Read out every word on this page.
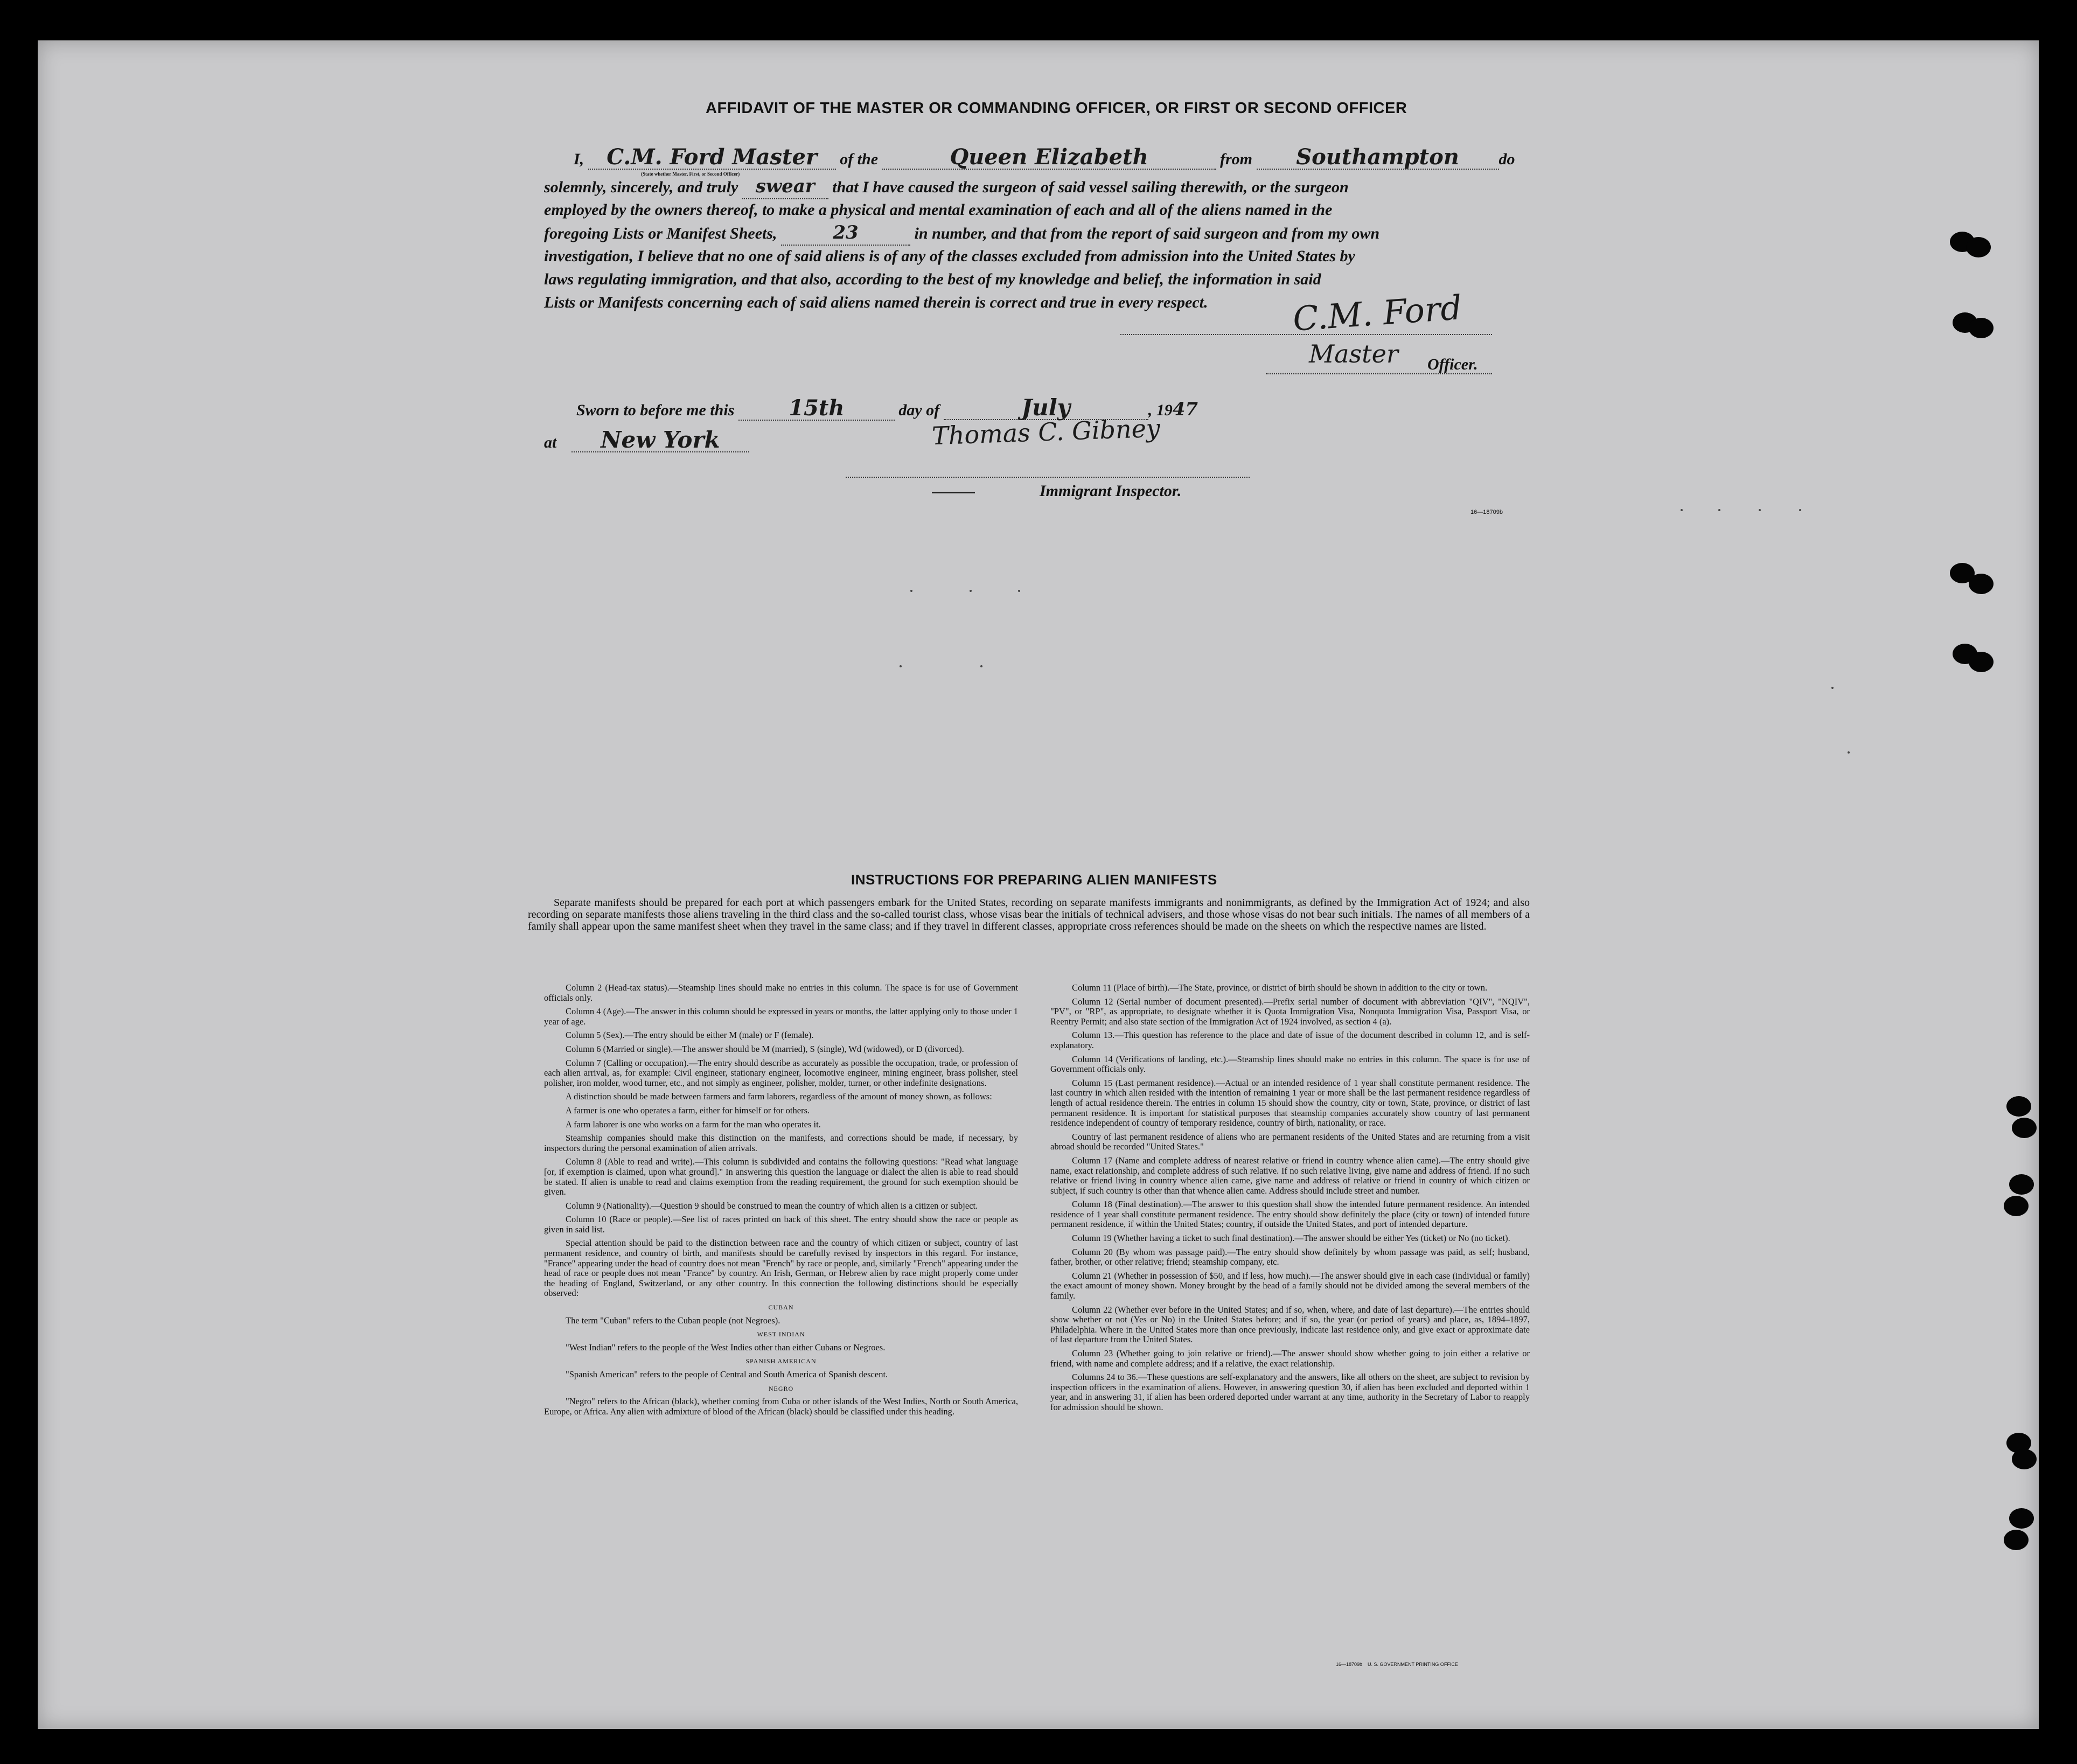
AFFIDAVIT OF THE MASTER OR COMMANDING OFFICER, OR FIRST OR SECOND OFFICER
I, C.M. Ford Master of the	Queen Elizabeth	from Southampton do
(State whether Master, First, or Second Officer)
solemnly, sincerely, and truly swear that I have caused the surgeon of said vessel sailing therewith, or the surgeon
employed by the owners thereof, to make a physical and mental examination of each and all of the aliens named in the
foregoing Lists or Manifest Sheets,	23	in number, and that from the report of said surgeon and from my own
investigation, I believe that no one of said aliens is of any of the classes excluded from admission into the United States by
laws regulating immigration, and that also, according to the best of my knowledge and belief, the information in said
Lists or Manifests concerning each of said aliens named therein is correct and true in every respect.	C.M. Ford
Master Officer.
Sworn to before me this	15th	day of	July	, 1947
at New York	Thomas C. Gibney
Immigrant Inspector.
16—18709b
INSTRUCTIONS FOR PREPARING ALIEN MANIFESTS
Separate manifests should be prepared for each port at which passengers embark for the United States, recording on separate manifests immigrants and nonimmigrants, as defined by the Immigration Act of 1924; and also recording on separate manifests those aliens traveling in the third class and the so-called tourist class, whose visas bear the initials of technical advisers, and those whose visas do not bear such initials. The names of all members of a family shall appear upon the same manifest sheet when they travel in the same class; and if they travel in different classes, appropriate cross references should be made on the sheets on which the respective names are listed.

Column 2 (Head-tax status).—Steamship lines should make no entries in this column. The space is for use of Government officials only.

Column 4 (Age).—The answer in this column should be expressed in years or months, the latter applying only to those under 1 year of age.

Column 5 (Sex).—The entry should be either M (male) or F (female).

Column 6 (Married or single).—The answer should be M (married), S (single), Wd (widowed), or D (divorced).

Column 7 (Calling or occupation).—The entry should describe as accurately as possible the occupation, trade, or profession of each alien arrival, as, for example: Civil engineer, stationary engineer, locomotive engineer, mining engineer, brass polisher, steel polisher, iron molder, wood turner, etc., and not simply as engineer, polisher, molder, turner, or other indefinite designations.

A distinction should be made between farmers and farm laborers, regardless of the amount of money shown, as follows:

A farmer is one who operates a farm, either for himself or for others.

A farm laborer is one who works on a farm for the man who operates it.

Steamship companies should make this distinction on the manifests, and corrections should be made, if necessary, by inspectors during the personal examination of alien arrivals.

Column 8 (Able to read and write).—This column is subdivided and contains the following questions: "Read what language [or, if exemption is claimed, upon what ground]." In answering this question the language or dialect the alien is able to read should be stated. If alien is unable to read and claims exemption from the reading requirement, the ground for such exemption should be given.

Column 9 (Nationality).—Question 9 should be construed to mean the country of which alien is a citizen or subject.

Column 10 (Race or people).—See list of races printed on back of this sheet. The entry should show the race or people as given in said list.

Special attention should be paid to the distinction between race and the country of which citizen or subject, country of last permanent residence, and country of birth, and manifests should be carefully revised by inspectors in this regard. For instance, "France" appearing under the head of country does not mean "French" by race or people, and, similarly "French" appearing under the head of race or people does not mean "France" by country. An Irish, German, or Hebrew alien by race might properly come under the heading of England, Switzerland, or any other country. In this connection the following distinctions should be especially observed:

CUBAN

The term "Cuban" refers to the Cuban people (not Negroes).

WEST INDIAN

"West Indian" refers to the people of the West Indies other than either Cubans or Negroes.

SPANISH AMERICAN

"Spanish American" refers to the people of Central and South America of Spanish descent.

NEGRO

"Negro" refers to the African (black), whether coming from Cuba or other islands of the West Indies, North or South America, Europe, or Africa. Any alien with admixture of blood of the African (black) should be classified under this heading.

Column 11 (Place of birth).—The State, province, or district of birth should be shown in addition to the city or town.

Column 12 (Serial number of document presented).—Prefix serial number of document with abbreviation "QIV", "NQIV", "PV", or "RP", as appropriate, to designate whether it is Quota Immigration Visa, Nonquota Immigration Visa, Passport Visa, or Reentry Permit; and also state section of the Immigration Act of 1924 involved, as section 4 (a).

Column 13.—This question has reference to the place and date of issue of the document described in column 12, and is self-explanatory.

Column 14 (Verifications of landing, etc.).—Steamship lines should make no entries in this column. The space is for use of Government officials only.

Column 15 (Last permanent residence).—Actual or an intended residence of 1 year shall constitute permanent residence. The last country in which alien resided with the intention of remaining 1 year or more shall be the last permanent residence regardless of length of actual residence therein. The entries in column 15 should show the country, city or town, State, province, or district of last permanent residence. It is important for statistical purposes that steamship companies accurately show country of last permanent residence independent of country of temporary residence, country of birth, nationality, or race.

Country of last permanent residence of aliens who are permanent residents of the United States and are returning from a visit abroad should be recorded "United States."

Column 17 (Name and complete address of nearest relative or friend in country whence alien came).—The entry should give name, exact relationship, and complete address of such relative. If no such relative living, give name and address of friend. If no such relative or friend living in country whence alien came, give name and address of relative or friend in country of which citizen or subject, if such country is other than that whence alien came. Address should include street and number.

Column 18 (Final destination).—The answer to this question shall show the intended future permanent residence. An intended residence of 1 year shall constitute permanent residence. The entry should show definitely the place (city or town) of intended future permanent residence, if within the United States; country, if outside the United States, and port of intended departure.

Column 19 (Whether having a ticket to such final destination).—The answer should be either Yes (ticket) or No (no ticket).

Column 20 (By whom was passage paid).—The entry should show definitely by whom passage was paid, as self; husband, father, brother, or other relative; friend; steamship company, etc.

Column 21 (Whether in possession of $50, and if less, how much).—The answer should give in each case (individual or family) the exact amount of money shown. Money brought by the head of a family should not be divided among the several members of the family.

Column 22 (Whether ever before in the United States; and if so, when, where, and date of last departure).—The entries should show whether or not (Yes or No) in the United States before; and if so, the year (or period of years) and place, as, 1894–1897, Philadelphia. Where in the United States more than once previously, indicate last residence only, and give exact or approximate date of last departure from the United States.

Column 23 (Whether going to join relative or friend).—The answer should show whether going to join either a relative or friend, with name and complete address; and if a relative, the exact relationship.

Columns 24 to 36.—These questions are self-explanatory and the answers, like all others on the sheet, are subject to revision by inspection officers in the examination of aliens. However, in answering question 30, if alien has been excluded and deported within 1 year, and in answering 31, if alien has been ordered deported under warrant at any time, authority in the Secretary of Labor to reapply for admission should be shown.

16—18709b    U. S. GOVERNMENT PRINTING OFFICE
